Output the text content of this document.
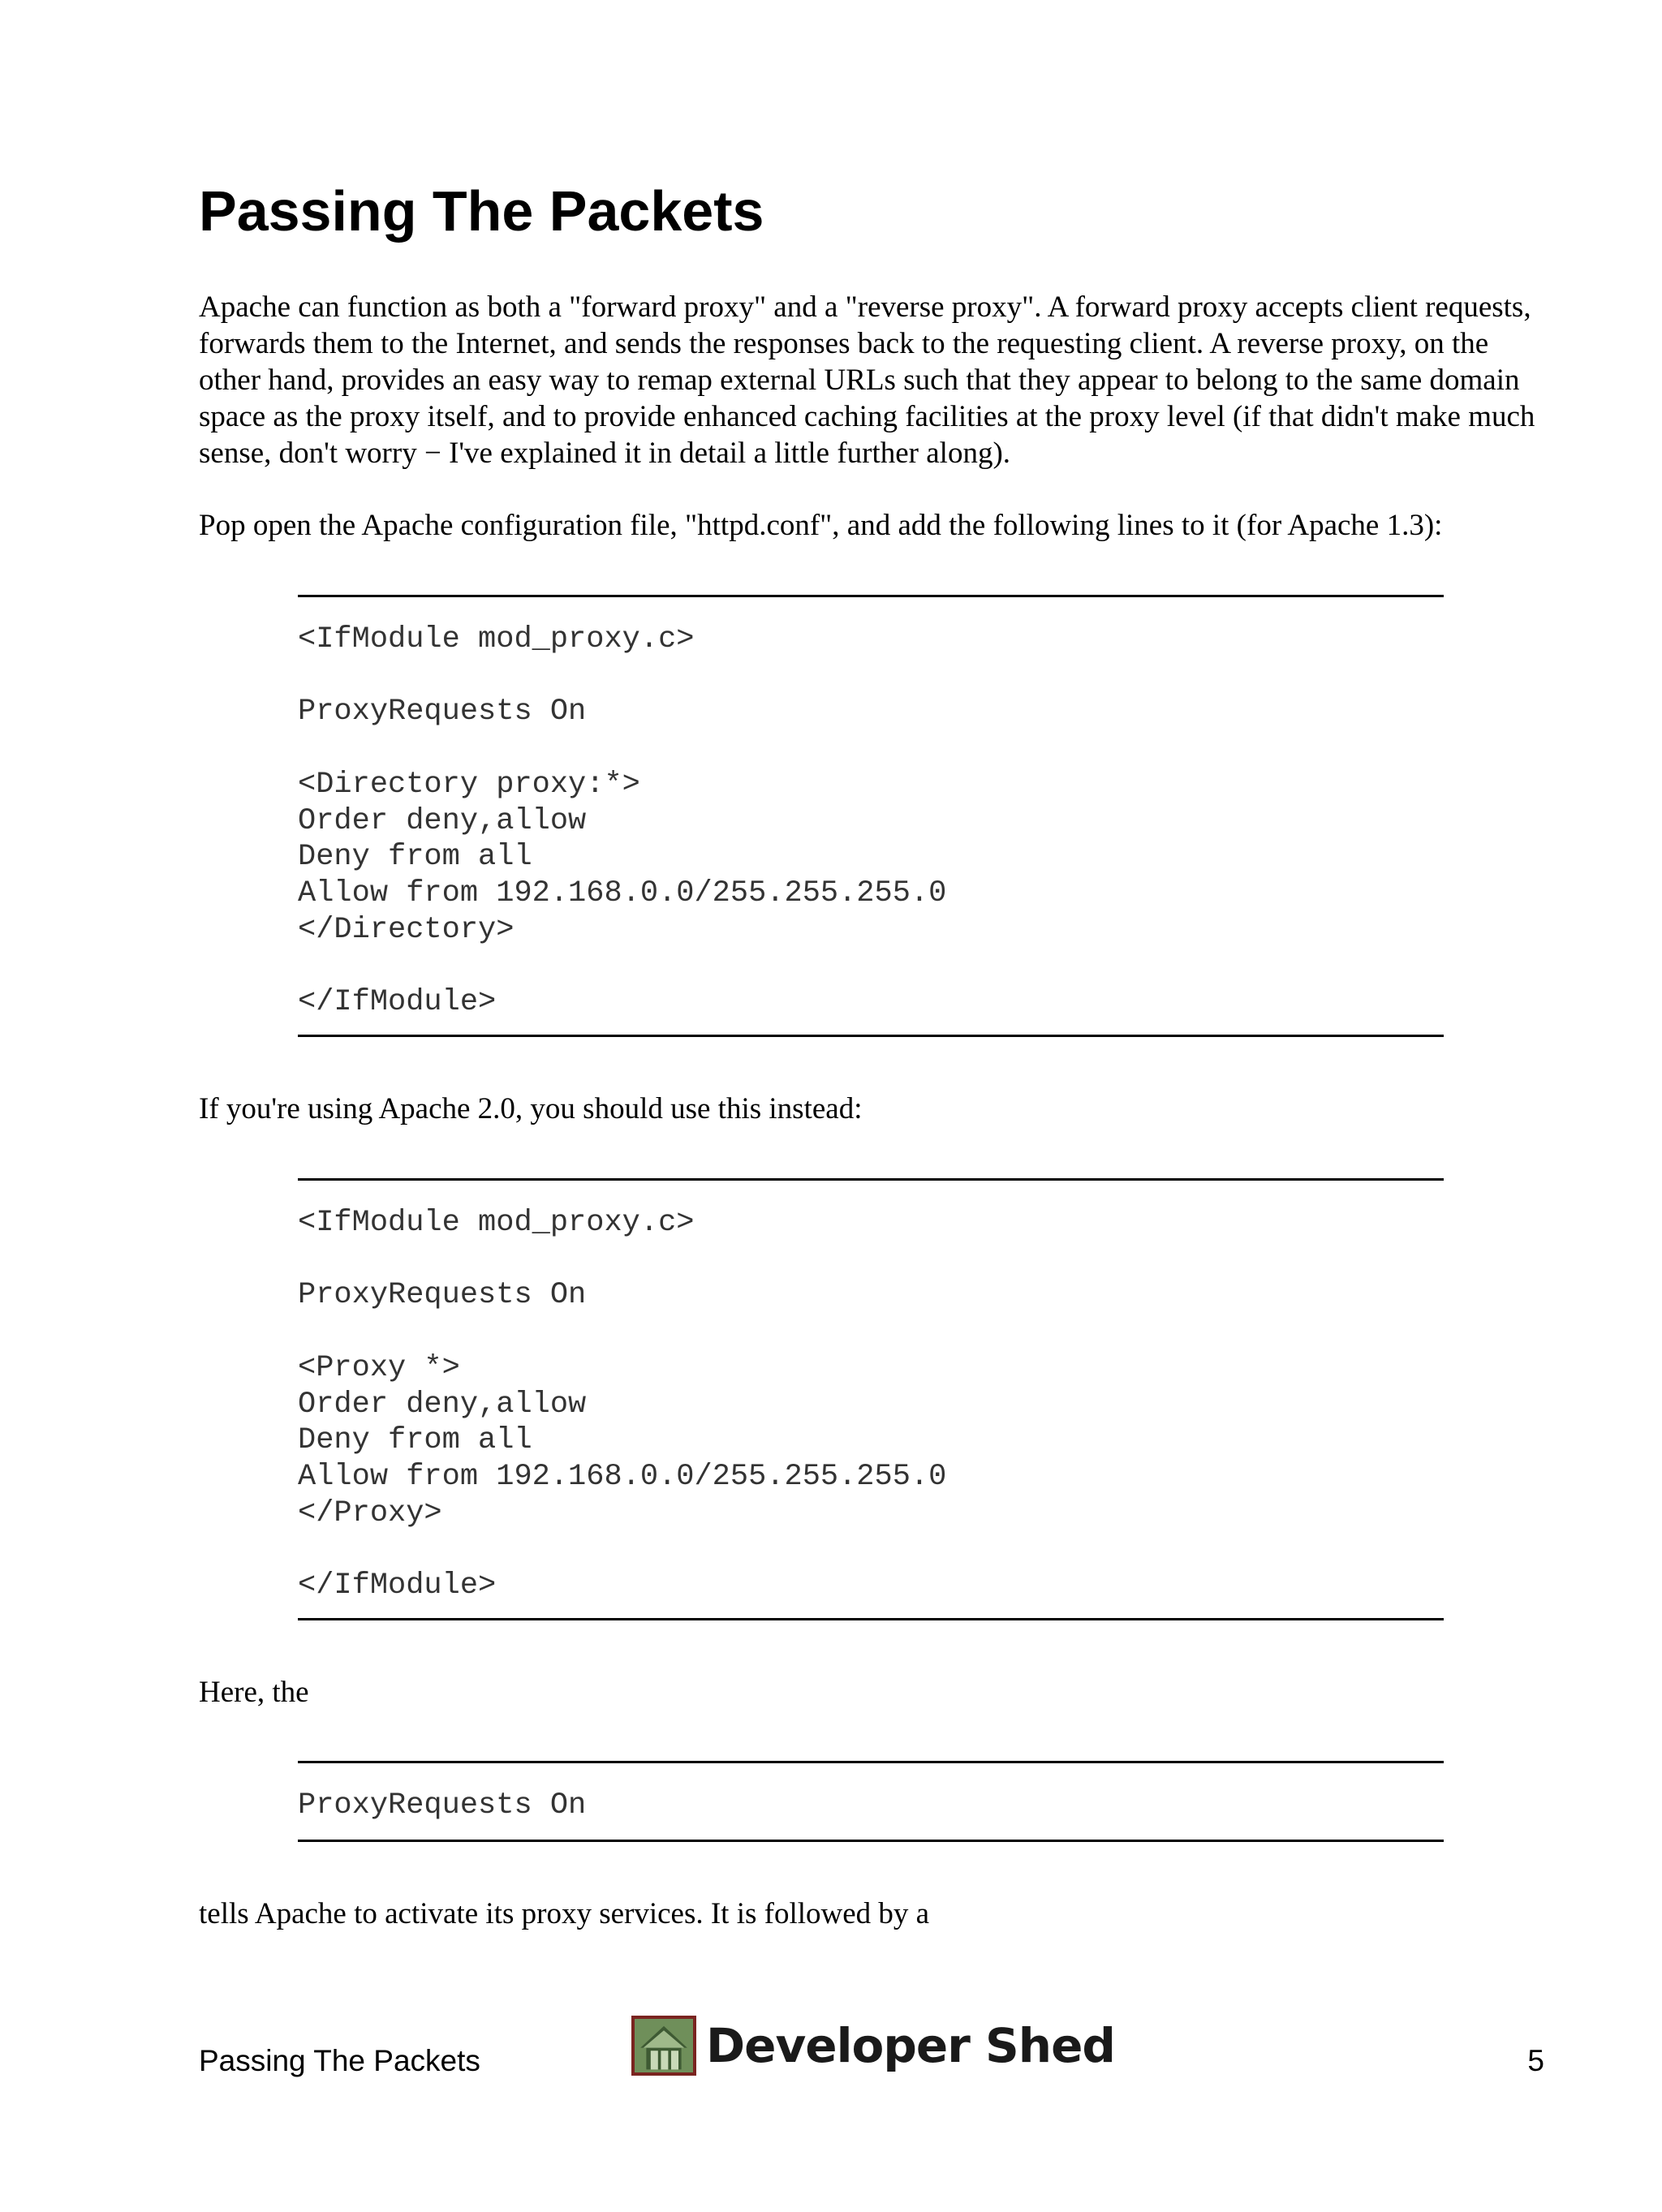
Passing The Packets

Apache can function as both a "forward proxy" and a "reverse proxy". A forward proxy accepts client requests, forwards them to the Internet, and sends the responses back to the requesting client. A reverse proxy, on the other hand, provides an easy way to remap external URLs such that they appear to belong to the same domain space as the proxy itself, and to provide enhanced caching facilities at the proxy level (if that didn't make much sense, don't worry − I've explained it in detail a little further along).

Pop open the Apache configuration file, "httpd.conf", and add the following lines to it (for Apache 1.3):

<IfModule mod_proxy.c>

ProxyRequests On

<Directory proxy:*>
Order deny,allow
Deny from all
Allow from 192.168.0.0/255.255.255.0
</Directory>

</IfModule>

If you're using Apache 2.0, you should use this instead:

<IfModule mod_proxy.c>

ProxyRequests On

<Proxy *>
Order deny,allow
Deny from all
Allow from 192.168.0.0/255.255.255.0
</Proxy>

</IfModule>

Here, the

ProxyRequests On

tells Apache to activate its proxy services. It is followed by a

Passing The Packets	Developer Shed	5
